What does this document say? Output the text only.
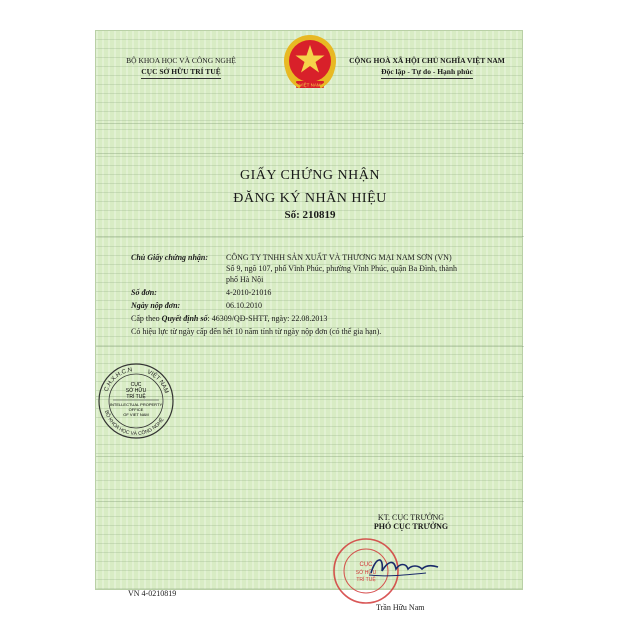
BỘ KHOA HỌC VÀ CÔNG NGHỆ
CỤC SỞ HỮU TRÍ TUỆ
VIỆT NAM
CỘNG HOÀ XÃ HỘI CHỦ NGHĨA VIỆT NAM
Độc lập - Tự do - Hạnh phúc
GIẤY CHỨNG NHẬN
ĐĂNG KÝ NHÃN HIỆU
Số: 210819
Chủ Giấy chứng nhận: CÔNG TY TNHH SẢN XUẤT VÀ THƯƠNG MẠI NAM SƠN (VN)
Số 9, ngõ 107, phố Vĩnh Phúc, phường Vĩnh Phúc, quận Ba Đình, thành
phố Hà Nội
Số đơn:	4-2010-21016
Ngày nộp đơn:	06.10.2010
Cấp theo Quyết định số: 46309/QĐ-SHTT, ngày: 22.08.2013
Có hiệu lực từ ngày cấp đến hết 10 năm tính từ ngày nộp đơn (có thể gia hạn).
C.H.X.H.C.N VIỆT NAM
BỘ KHOA HỌC VÀ CÔNG NGHỆ
CỤC
SỞ HỮU
TRÍ TUỆ
INTELLECTUAL PROPERTY
OFFICE
OF VIET NAM
KT. CỤC TRƯỞNG
PHÓ CỤC TRƯỞNG
CỤC
SỞ HỮU
TRÍ TUỆ
Trần Hữu Nam
VN 4-0210819
